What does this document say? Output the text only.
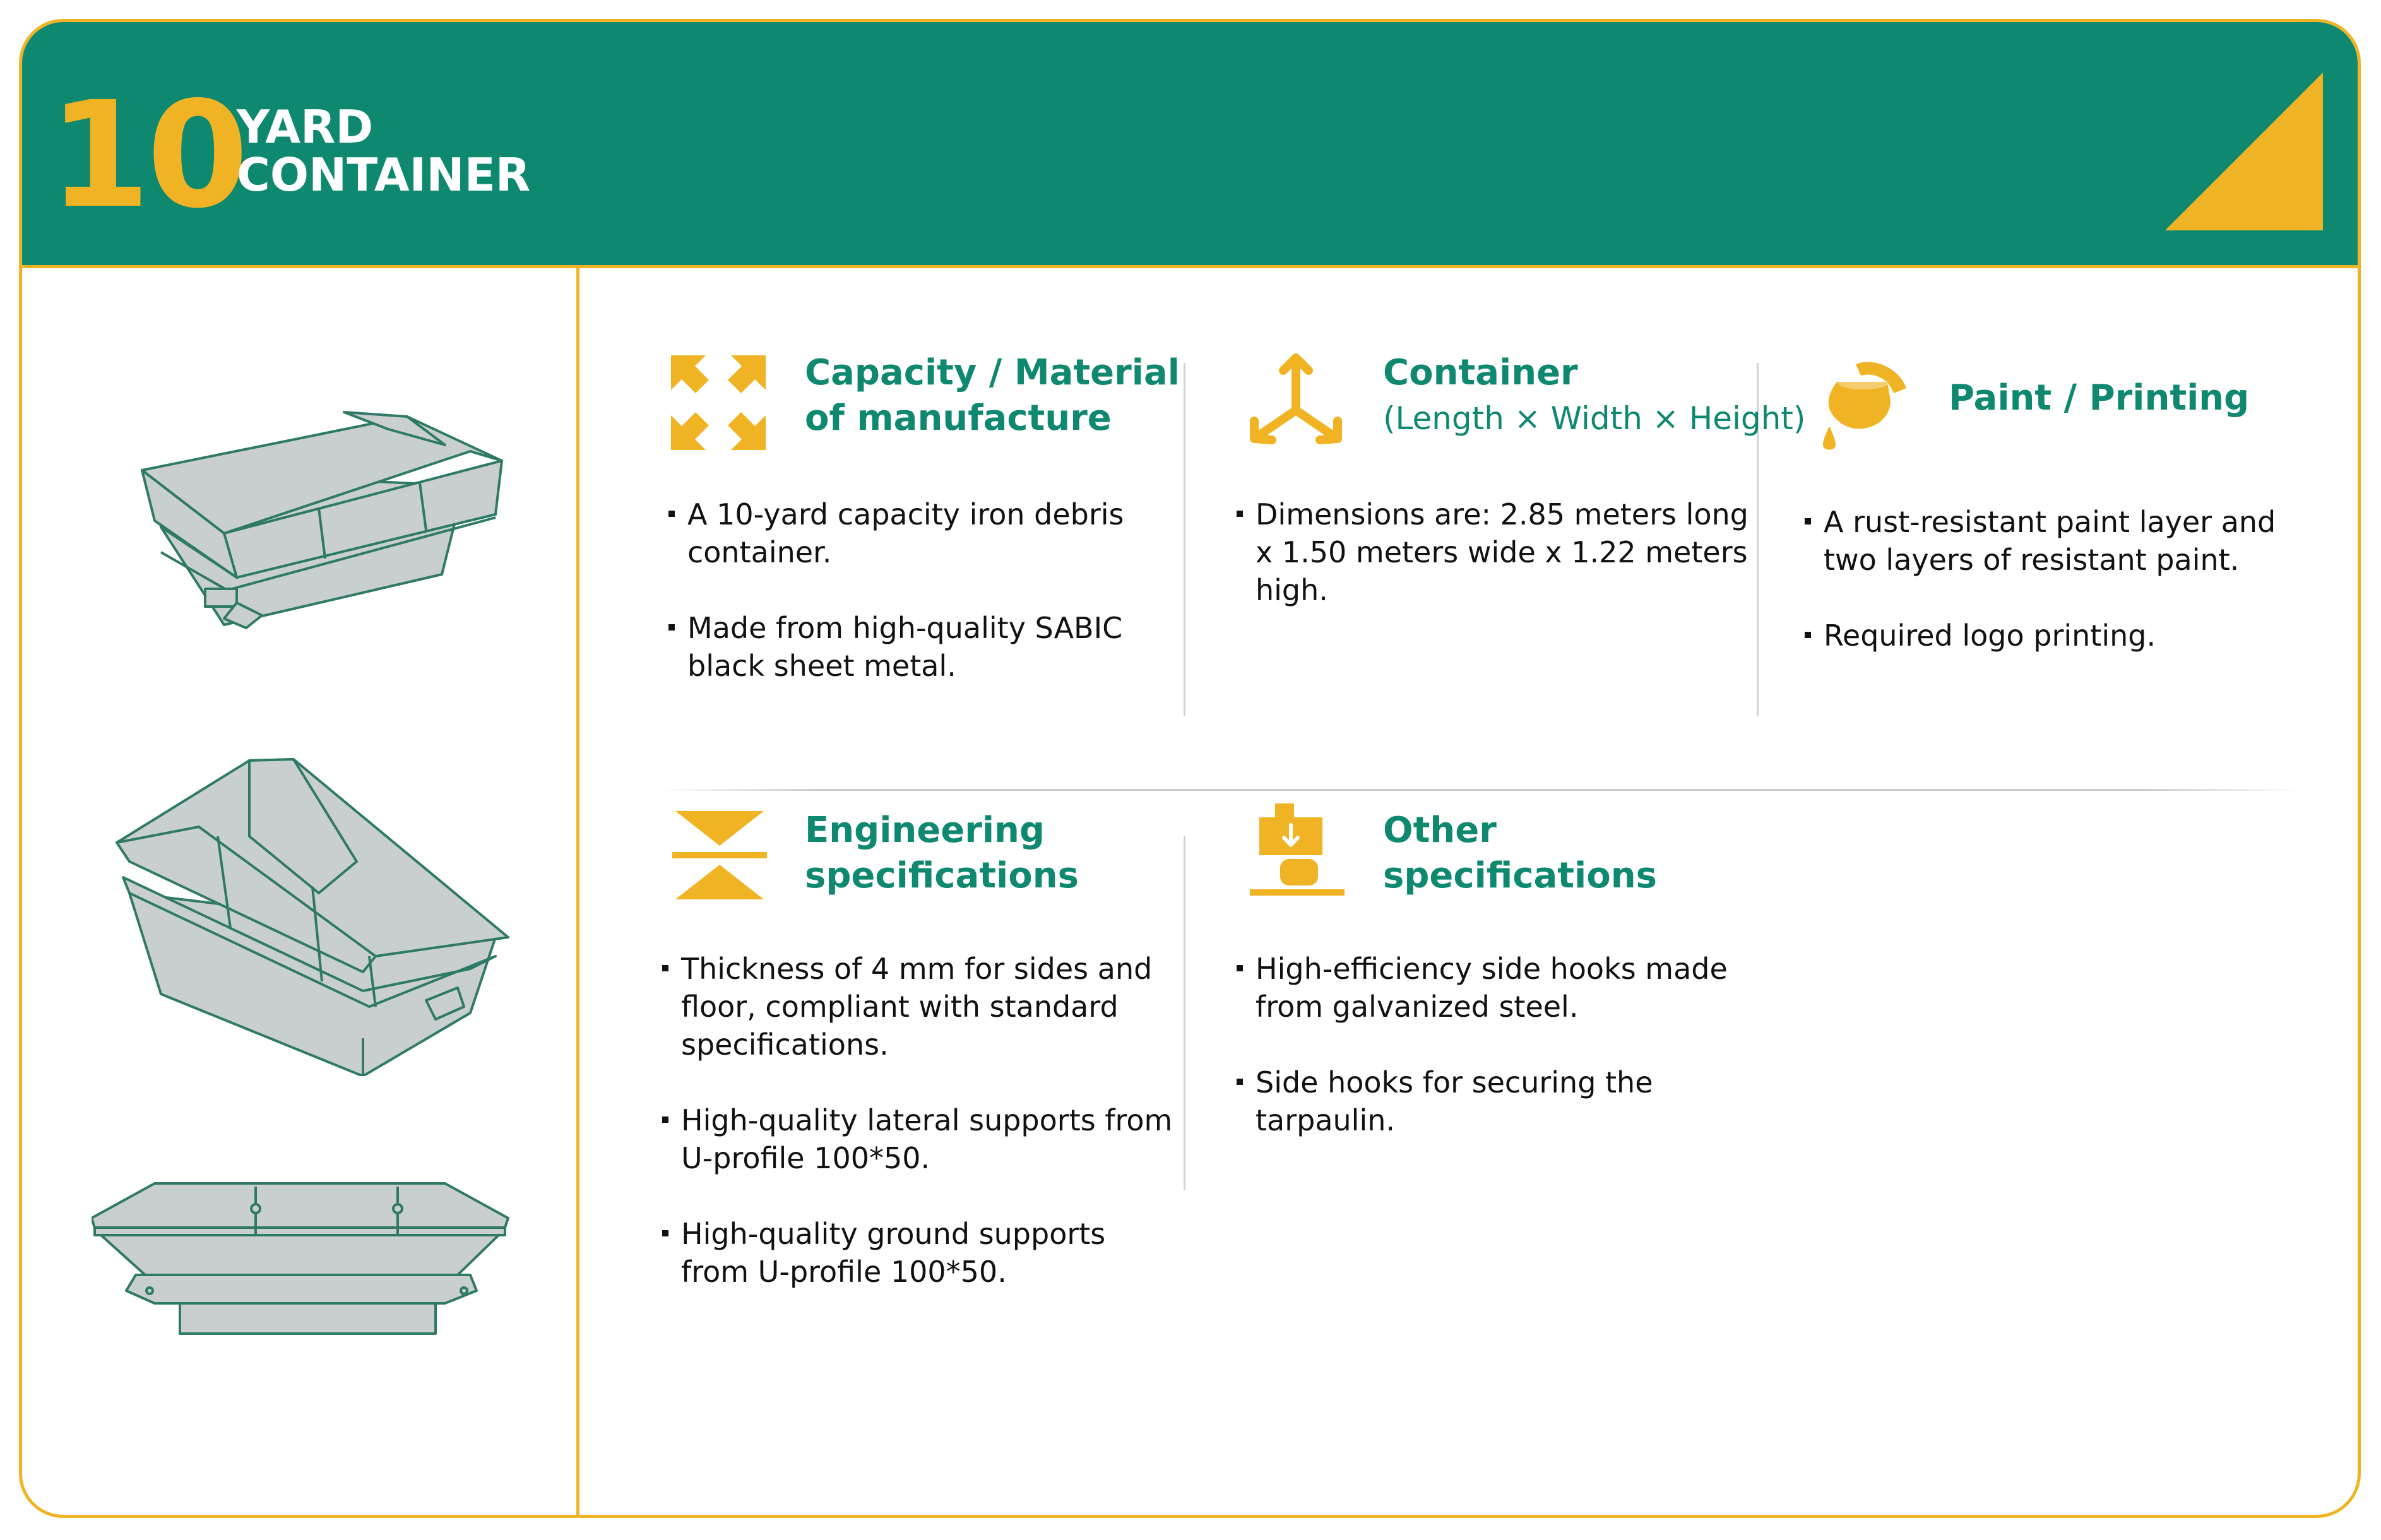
10
YARD
CONTAINER
Capacity / Material
of manufacture
A 10-yard capacity iron debris container.
Made from high-quality SABIC black sheet metal.
Container
(Length × Width × Height)
Dimensions are: 2.85 meters long x 1.50 meters wide x 1.22 meters high.
Paint / Printing
A rust-resistant paint layer and two layers of resistant paint.
Required logo printing.
Engineering
specifications
Thickness of 4 mm for sides and floor, compliant with standard specifications.
High-quality lateral supports from U-profile 100*50.
High-quality ground supports from U-profile 100*50.
Other
specifications
High-efficiency side hooks made from galvanized steel.
Side hooks for securing the tarpaulin.
